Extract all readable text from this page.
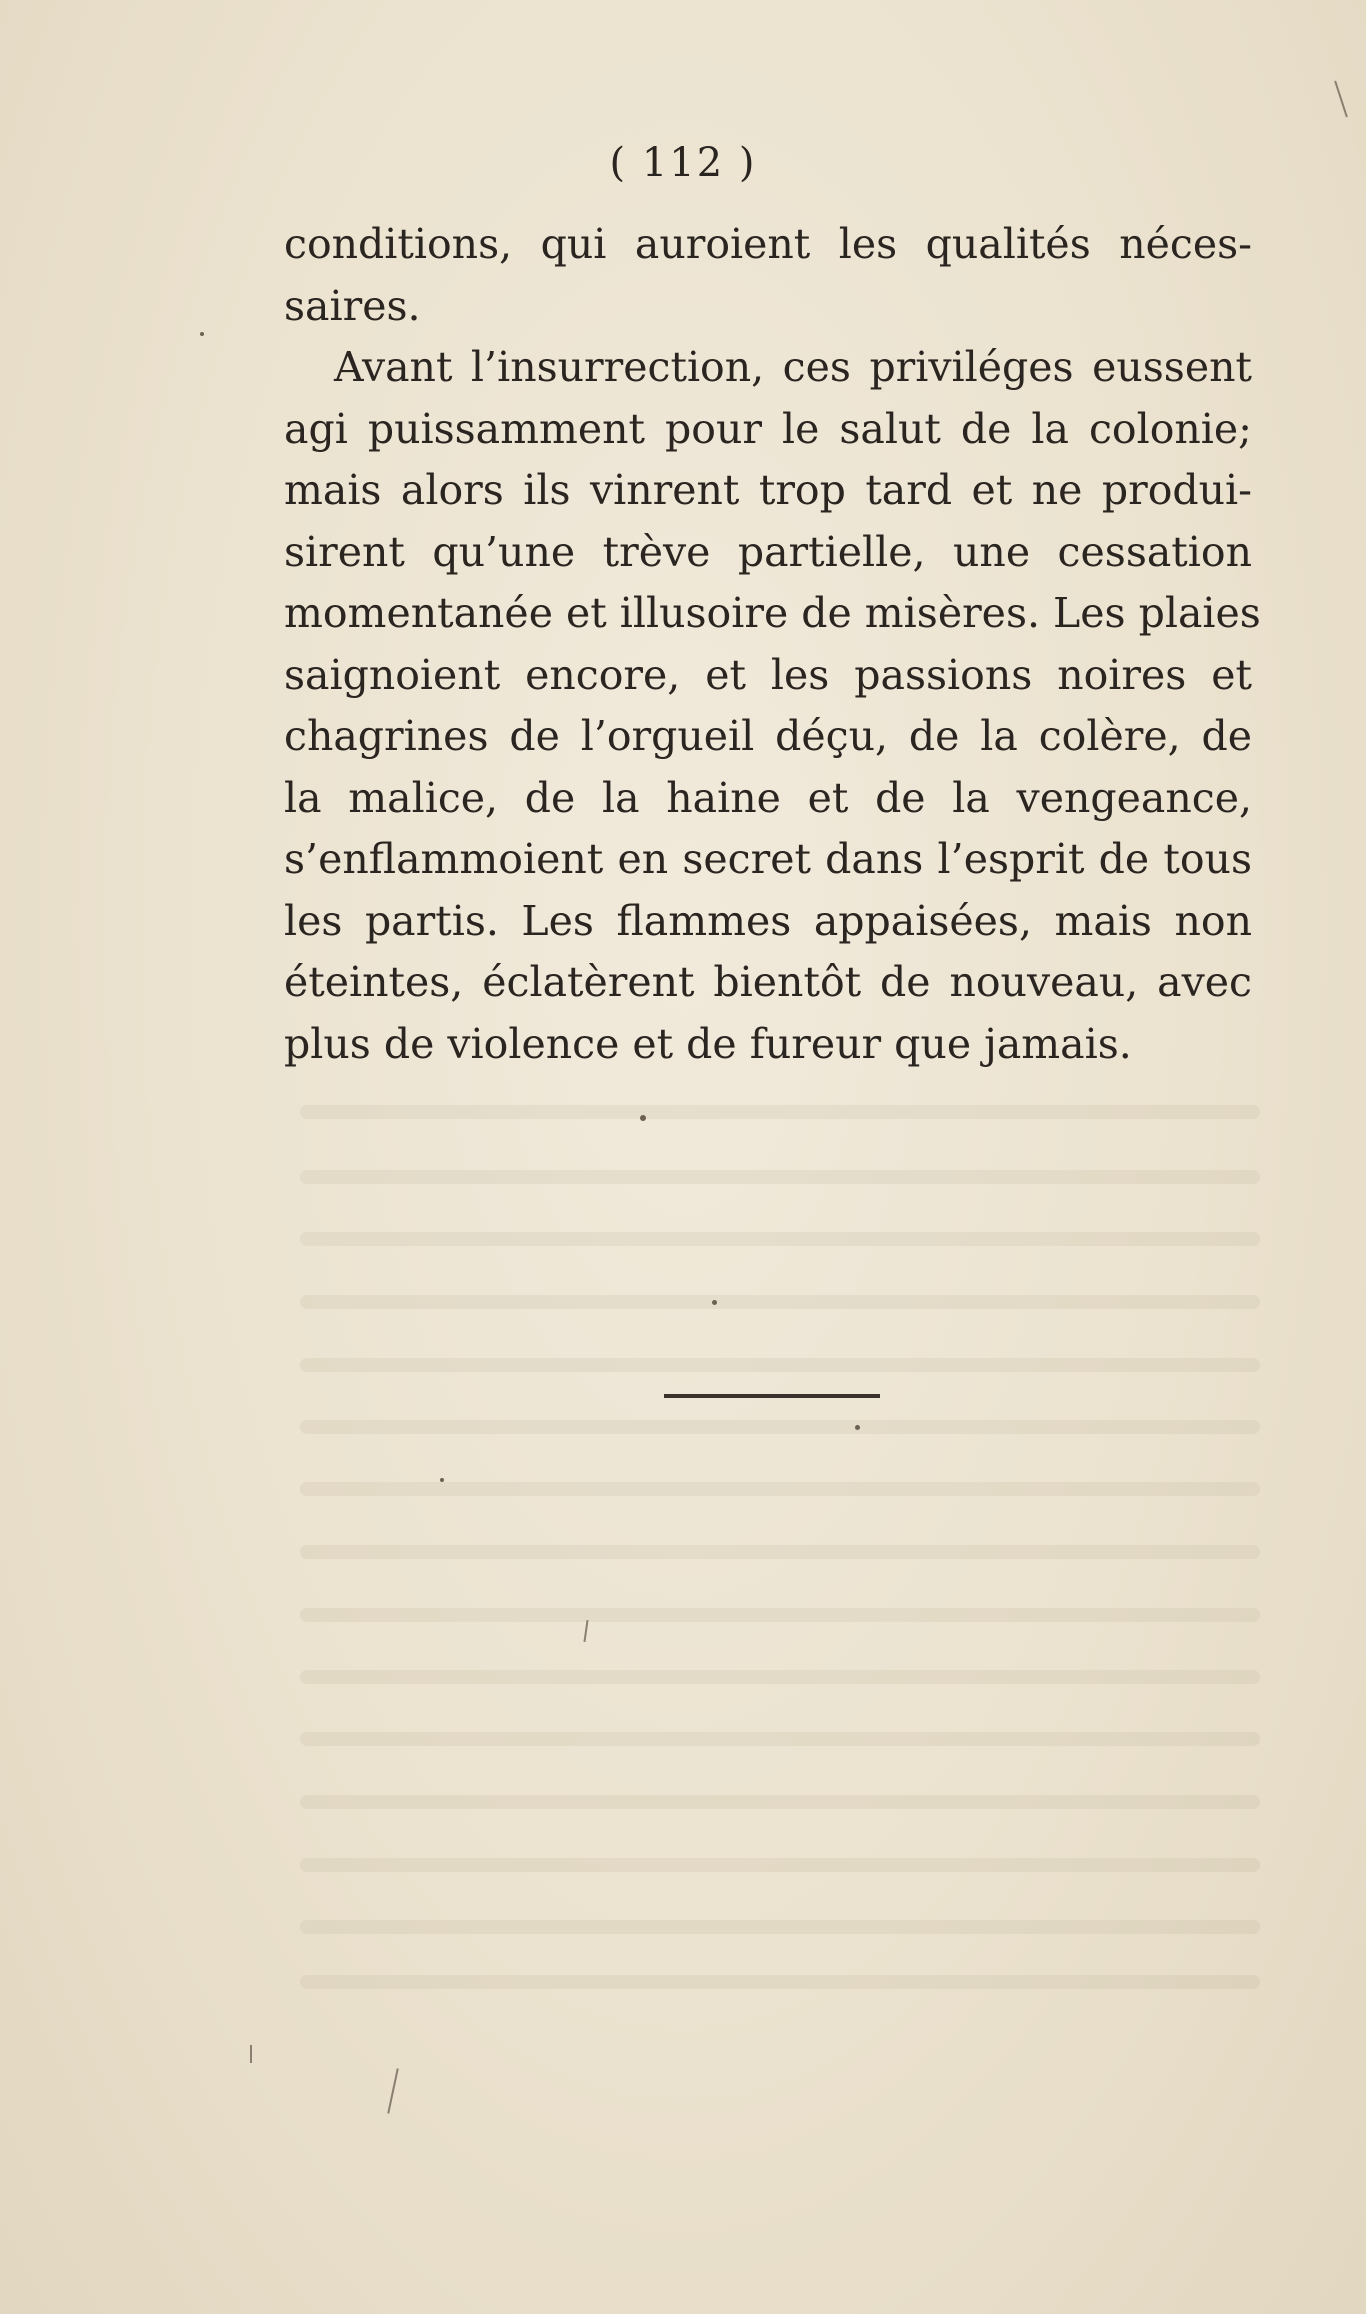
( 112 )
conditions, qui auroient les qualités néces-
saires.
Avant l’insurrection, ces priviléges eussent
agi puissamment pour le salut de la colonie;
mais alors ils vinrent trop tard et ne produi-
sirent qu’une trève partielle, une cessation
momentanée et illusoire de misères. Les plaies
saignoient encore, et les passions noires et
chagrines de l’orgueil déçu, de la colère, de
la malice, de la haine et de la vengeance,
s’enflammoient en secret dans l’esprit de tous
les partis. Les flammes appaisées, mais non
éteintes, éclatèrent bientôt de nouveau, avec
plus de violence et de fureur que jamais.
